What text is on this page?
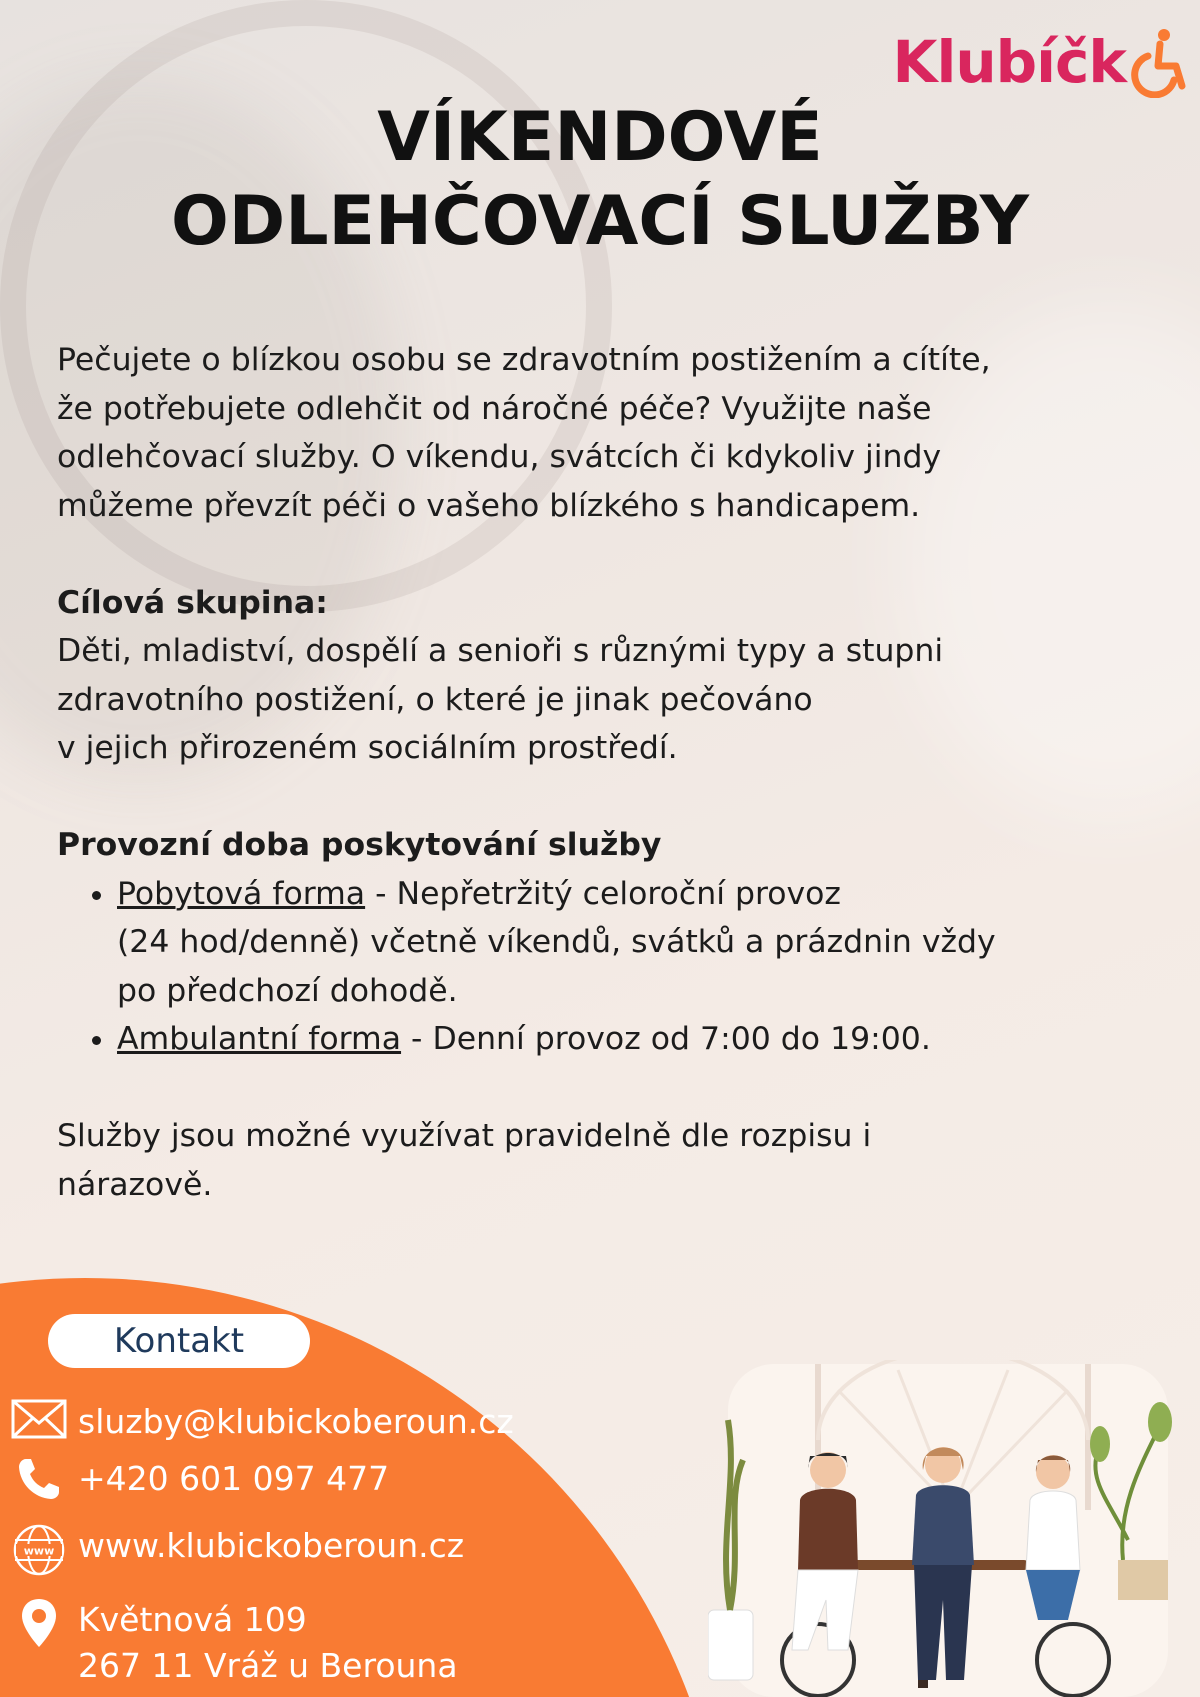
Klubíčk
VÍKENDOVÉ
ODLEHČOVACÍ SLUŽBY

Pečujete o blízkou osobu se zdravotním postižením a cítíte,

že potřebujete odlehčit od náročné péče? Využijte naše

odlehčovací služby. O víkendu, svátcích či kdykoliv jindy

můžeme převzít péči o vašeho blízkého s handicapem.

Cílová skupina:

Děti, mladiství, dospělí a senioři s různými typy a stupni

zdravotního postižení, o které je jinak pečováno

v jejich přirozeném sociálním prostředí.

Provozní doba poskytování služby

• Pobytová forma - Nepřetržitý celoroční provoz
(24 hod/denně) včetně víkendů, svátků a prázdnin vždy
po předchozí dohodě.
• Ambulantní forma - Denní provoz od 7:00 do 19:00.

Služby jsou možné využívat pravidelně dle rozpisu i

nárazově.

Kontakt
sluzby@klubickoberoun.cz
+420 601 097 477
www www.klubickoberoun.cz
Květnová 109
267 11 Vráž u Berouna
